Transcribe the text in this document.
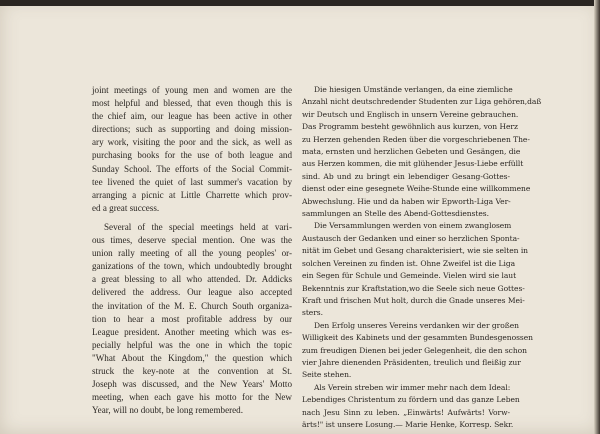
joint meetings of young men and women are the
most helpful and blessed, that even though this is
the chief aim, our league has been active in other
directions; such as supporting and doing mission-
ary work, visiting the poor and the sick, as well as
purchasing books for the use of both league and
Sunday School. The efforts of the Social Commit-
tee livened the quiet of last summer's vacation by
arranging a picnic at Little Charrette which prov-
ed a great success.
Several of the special meetings held at vari-
ous times, deserve special mention. One was the
union rally meeting of all the young peoples' or-
ganizations of the town, which undoubtedly brought
a great blessing to all who attended. Dr. Addicks
delivered the address. Our league also accepted
the invitation of the M. E. Church South organiza-
tion to hear a most profitable address by our
League president. Another meeting which was es-
pecially helpful was the one in which the topic
"What About the Kingdom," the question which
struck the key-note at the convention at St.
Joseph was discussed, and the New Years' Motto
meeting, when each gave his motto for the New
Year, will no doubt, be long remembered.
Die hiesigen Umstände verlangen, da eine ziemliche
Anzahl nicht deutschredender Studenten zur Liga gehören,daß
wir Deutsch und Englisch in unsern Vereine gebrauchen.
Das Programm besteht gewöhnlich aus kurzen, von Herz
zu Herzen gehenden Reden über die vorgeschriebenen The-
mata, ernsten und herzlichen Gebeten und Gesängen, die
aus Herzen kommen, die mit glühender Jesus-Liebe erfüllt
sind. Ab und zu bringt ein lebendiger Gesang-Gottes-
dienst oder eine gesegnete Weihe-Stunde eine willkommene
Abwechslung. Hie und da haben wir Epworth-Liga Ver-
sammlungen an Stelle des Abend-Gottesdienstes.
Die Versammlungen werden von einem zwanglosem
Austausch der Gedanken und einer so herzlichen Sponta-
nität im Gebet und Gesang charakterisiert, wie sie selten in
solchen Vereinen zu finden ist. Ohne Zweifel ist die Liga
ein Segen für Schule und Gemeinde. Vielen wird sie laut
Bekenntnis zur Kraftstation,wo die Seele sich neue Gottes-
Kraft und frischen Mut holt, durch die Gnade unseres Mei-
sters.
Den Erfolg unseres Vereins verdanken wir der großen
Willigkeit des Kabinets und der gesammten Bundesgenossen
zum freudigen Dienen bei jeder Gelegenheit, die den schon
vier Jahre dienenden Präsidenten, treulich und fleißig zur
Seite stehen.
Als Verein streben wir immer mehr nach dem Ideal:
Lebendiges Christentum zu fördern und das ganze Leben
nach Jesu Sinn zu leben. „Einwärts! Aufwärts! Vorw-
ärts!" ist unsere Losung.— Marie Henke, Korresp. Sekr.
